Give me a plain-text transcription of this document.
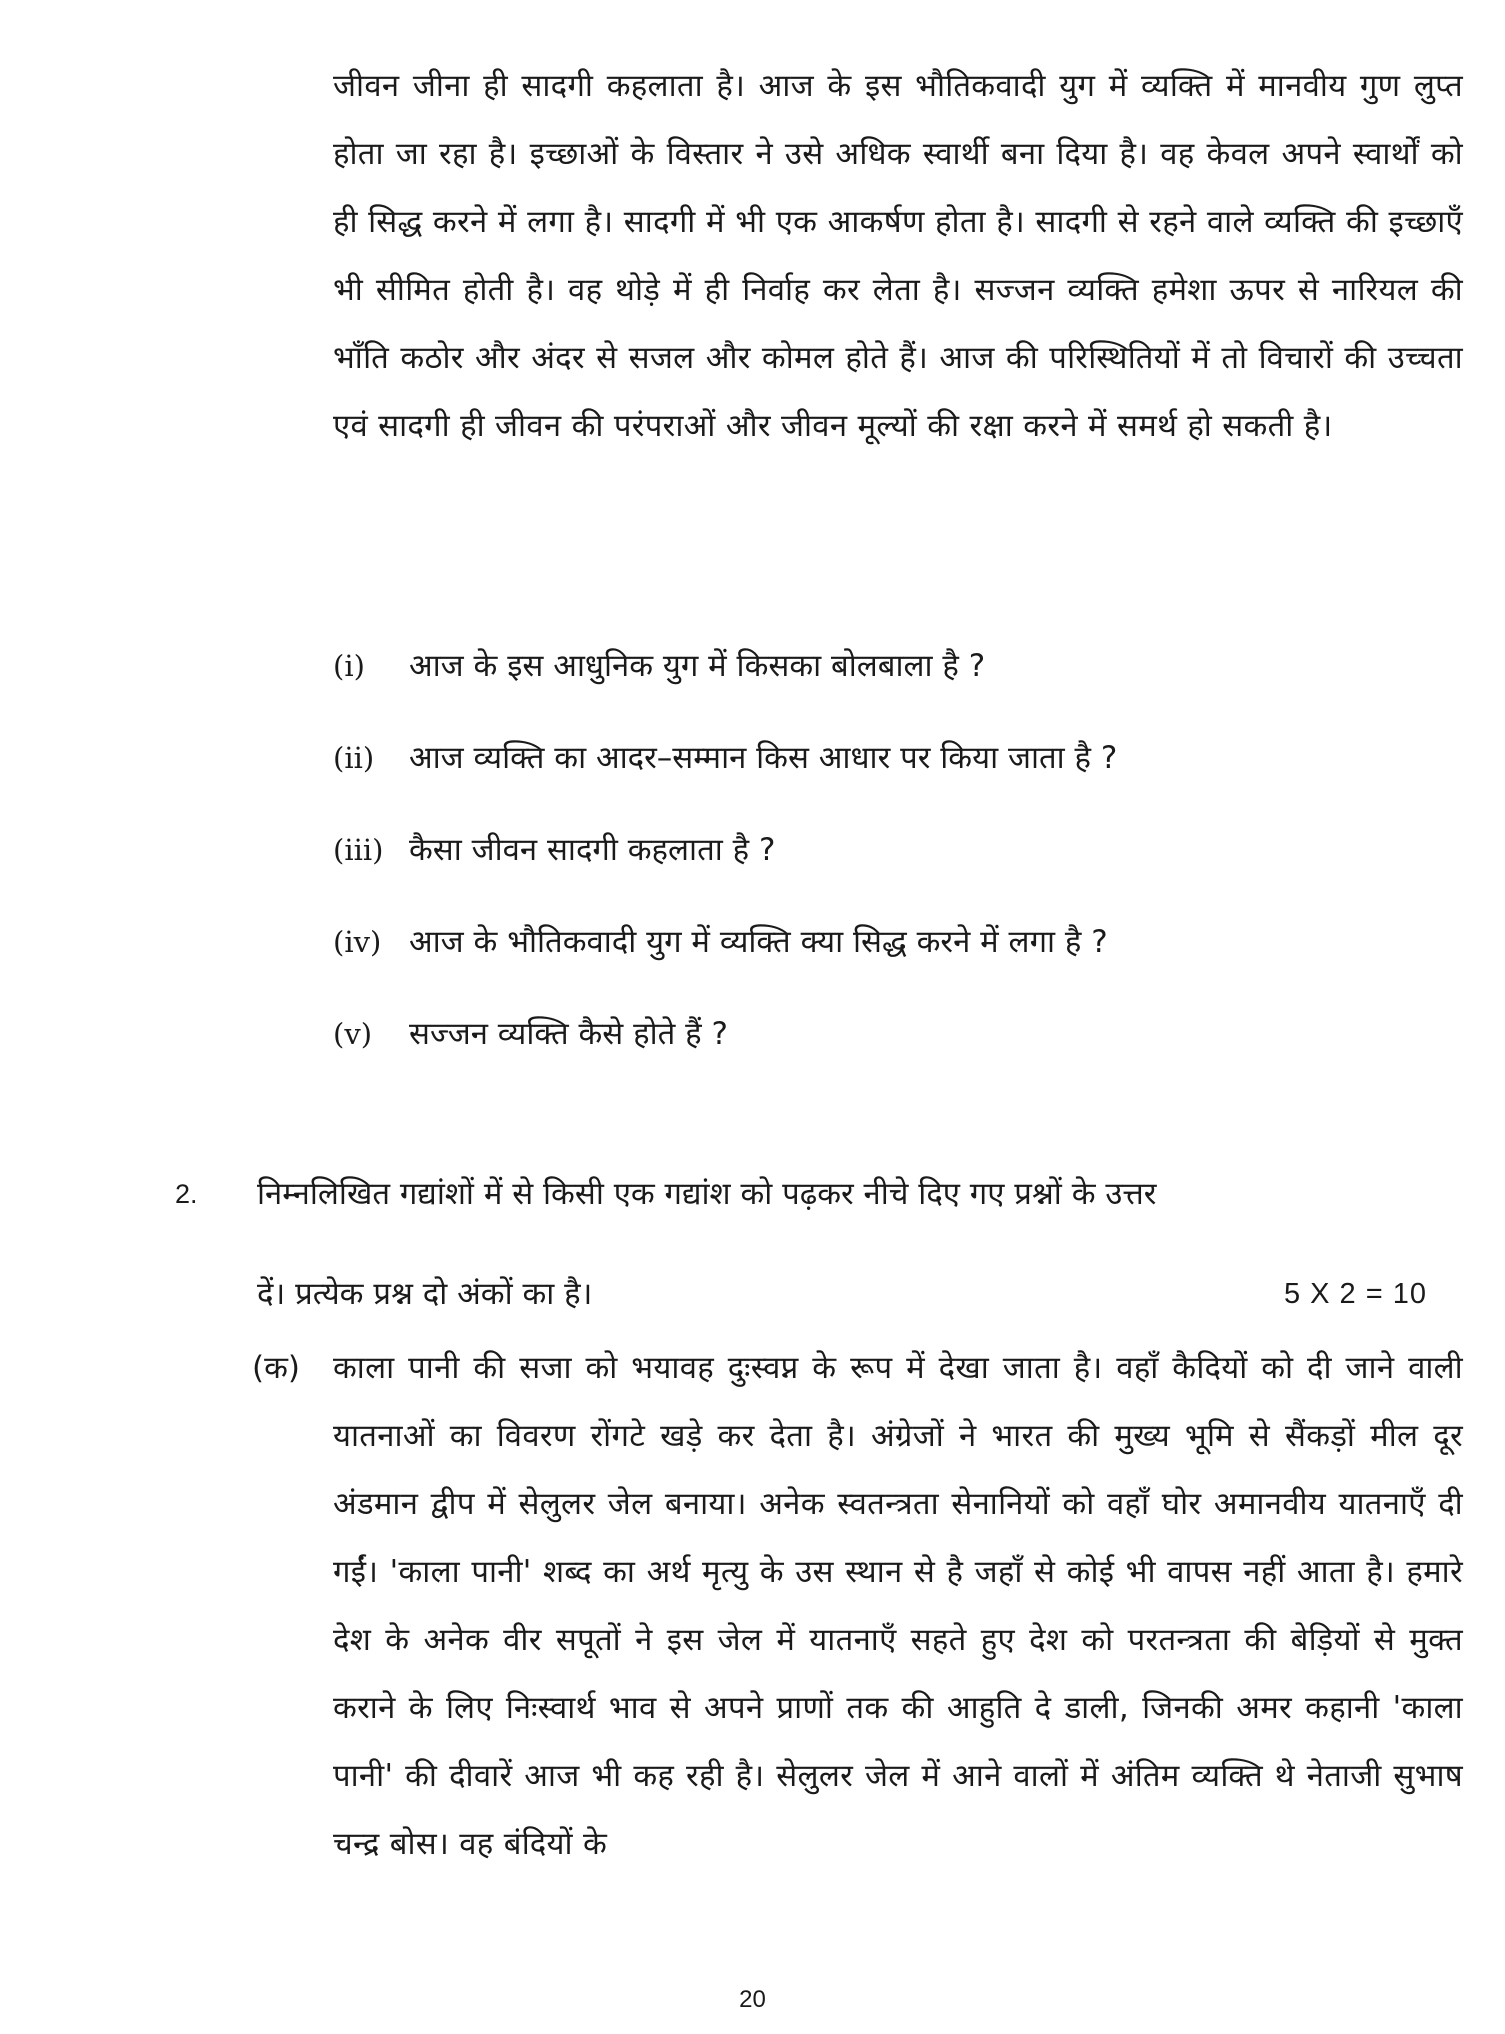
जीवन जीना ही सादगी कहलाता है। आज के इस भौतिकवादी युग में व्यक्ति में मानवीय गुण लुप्त होता जा रहा है। इच्छाओं के विस्तार ने उसे अधिक स्वार्थी बना दिया है। वह केवल अपने स्वार्थों को ही सिद्ध करने में लगा है। सादगी में भी एक आकर्षण होता है। सादगी से रहने वाले व्यक्ति की इच्छाएँ भी सीमित होती है। वह थोड़े में ही निर्वाह कर लेता है। सज्जन व्यक्ति हमेशा ऊपर से नारियल की भाँति कठोर और अंदर से सजल और कोमल होते हैं। आज की परिस्थितियों में तो विचारों की उच्चता एवं सादगी ही जीवन की परंपराओं और जीवन मूल्यों की रक्षा करने में समर्थ हो सकती है।
(i)	आज के इस आधुनिक युग में किसका बोलबाला है ?
(ii)	आज व्यक्ति का आदर–सम्मान किस आधार पर किया जाता है ?
(iii) कैसा जीवन सादगी कहलाता है ?
(iv) आज के भौतिकवादी युग में व्यक्ति क्या सिद्ध करने में लगा है ?
(v)	सज्जन व्यक्ति कैसे होते हैं ?
2. निम्नलिखित गद्यांशों में से किसी एक गद्यांश को पढ़कर नीचे दिए गए प्रश्नों के उत्तर
दें। प्रत्येक प्रश्न दो अंकों का है।	5 X 2 = 10
(क) काला पानी की सजा को भयावह दुःस्वप्न के रूप में देखा जाता है। वहाँ कैदियों को दी जाने वाली यातनाओं का विवरण रोंगटे खड़े कर देता है। अंग्रेजों ने भारत की मुख्य भूमि से सैंकड़ों मील दूर अंडमान द्वीप में सेलुलर जेल बनाया। अनेक स्वतन्त्रता सेनानियों को वहाँ घोर अमानवीय यातनाएँ दी गईं। 'काला पानी' शब्द का अर्थ मृत्यु के उस स्थान से है जहाँ से कोई भी वापस नहीं आता है। हमारे देश के अनेक वीर सपूतों ने इस जेल में यातनाएँ सहते हुए देश को परतन्त्रता की बेड़ियों से मुक्त कराने के लिए निःस्वार्थ भाव से अपने प्राणों तक की आहुति दे डाली, जिनकी अमर कहानी 'काला पानी' की दीवारें आज भी कह रही है। सेलुलर जेल में आने वालों में अंतिम व्यक्ति थे नेताजी सुभाष चन्द्र बोस। वह बंदियों के
20
